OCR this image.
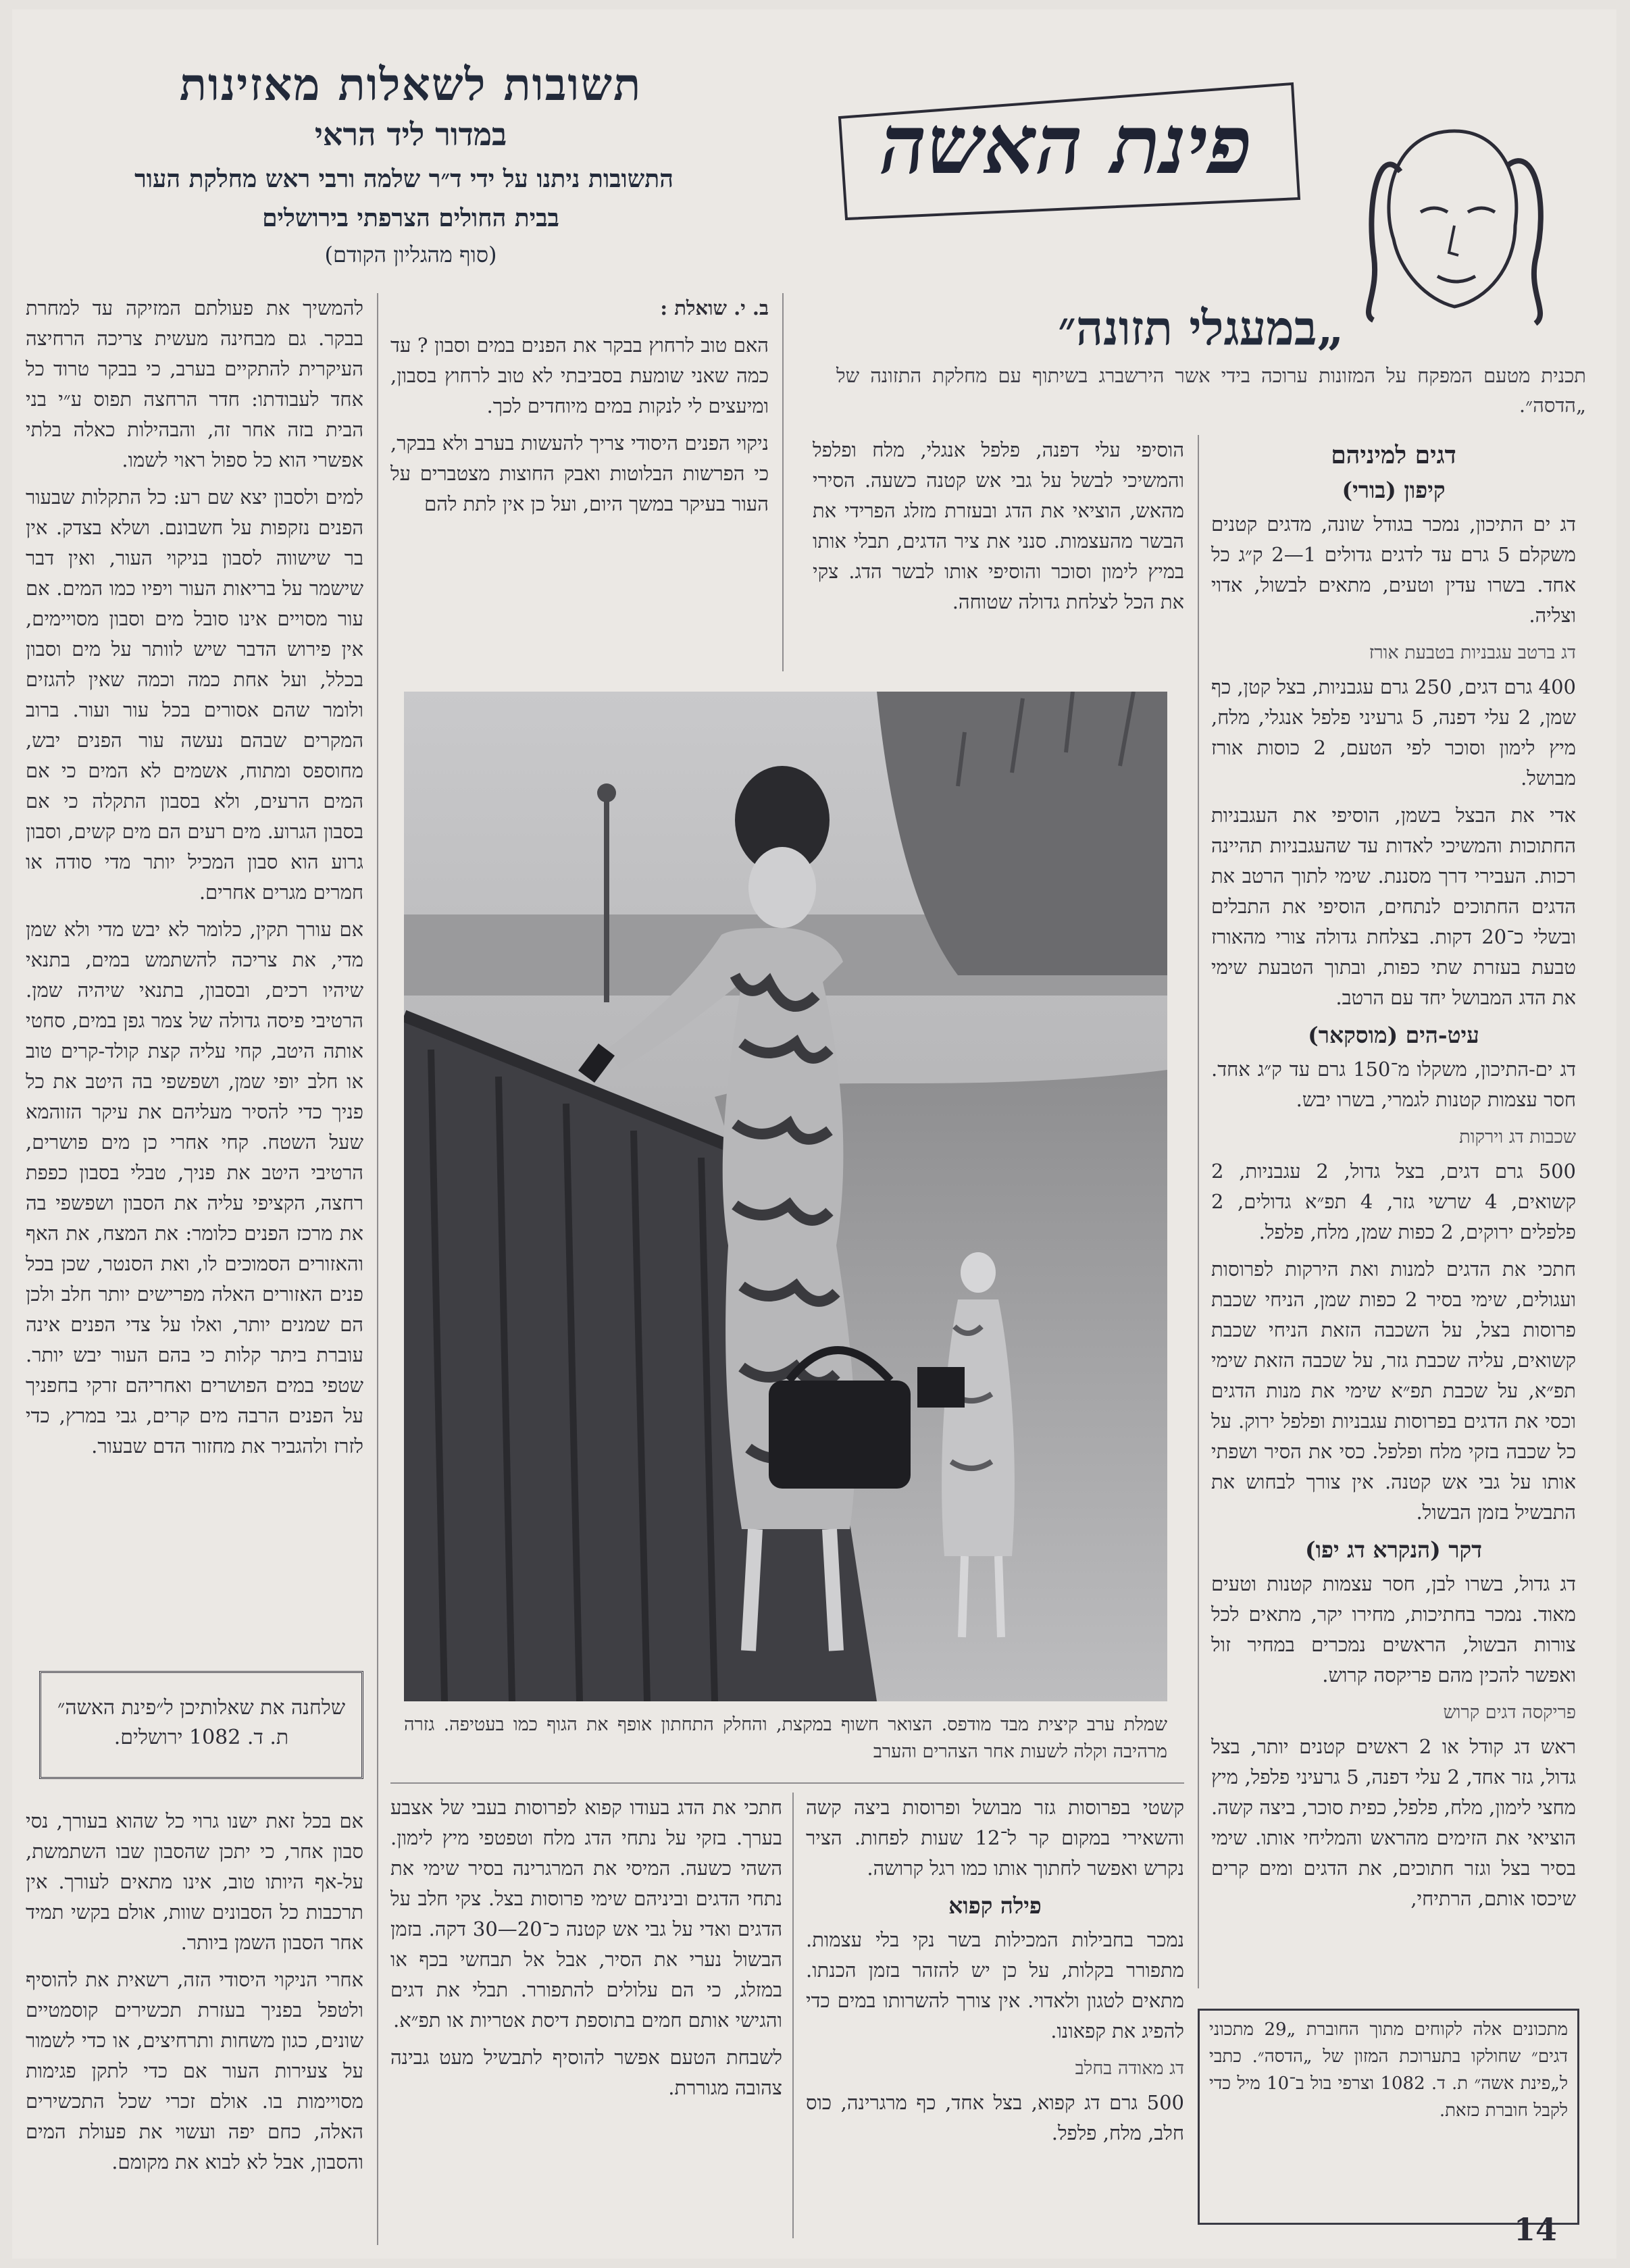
תשובות לשאלות מאזינות
במדור ליד הראי
התשובות ניתנו על ידי ד״ר שלמה ורבי ראש מחלקת העור
בבית החולים הצרפתי בירושלים
(סוף מהגליון הקודם)

להמשיך את פעולתם המזיקה עד למחרת בבקר. גם מבחינה מעשית צריכה הרחיצה העיקרית להתקיים בערב, כי בבקר טרוד כל אחד לעבודתו: חדר הרחצה תפוס ע״י בני הבית בזה אחר זה, והבהילות כאלה בלתי אפשרי הוא כל ספול ראוי לשמו.

למים ולסבון יצא שם רע: כל התקלות שבעור הפנים נזקפות על חשבונם. ושלא בצדק. אין בר שישווה לסבון בניקוי העור, ואין דבר שישמר על בריאות העור ויפיו כמו המים. אם עור מסויים אינו סובל מים וסבון מסויימים, אין פירוש הדבר שיש לוותר על מים וסבון בכלל, ועל אחת כמה וכמה שאין להגזים ולומר שהם אסורים בכל עור ועור. ברוב המקרים שבהם נעשה עור הפנים יבש, מחוספס ומתוח, אשמים לא המים כי אם המים הרעים, ולא בסבון התקלה כי אם בסבון הגרוע. מים רעים הם מים קשים, וסבון גרוע הוא סבון המכיל יותר מדי סודה או חמרים מגרים אחרים.

אם עורך תקין, כלומר לא יבש מדי ולא שמן מדי, את צריכה להשתמש במים, בתנאי שיהיו רכים, ובסבון, בתנאי שיהיה שמן. הרטיבי פיסה גדולה של צמר גפן במים, סחטי אותה היטב, קחי עליה קצת קולד-קרים טוב או חלב יופי שמן, ושפשפי בה היטב את כל פניך כדי להסיר מעליהם את עיקר הזוהמא שעל השטח. קחי אחרי כן מים פושרים, הרטיבי היטב את פניך, טבלי בסבון כפפת רחצה, הקציפי עליה את הסבון ושפשפי בה את מרכז הפנים כלומר: את המצח, את האף והאזורים הסמוכים לו, ואת הסנטר, שכן בכל פנים האזורים האלה מפרישים יותר חלב ולכן הם שמנים יותר, ואלו על צדי הפנים אינה עוברת ביתר קלות כי בהם העור יבש יותר. שטפי במים הפושרים ואחריהם זרקי בחפניך על הפנים הרבה מים קרים, גבי במרץ, כדי לזרז ולהגביר את מחזור הדם שבעור.

שלחנה את שאלותיכן ל״פינת האשה״ ת. ד. 1082 ירושלים.

אם בכל זאת ישנו גרוי כל שהוא בעורך, נסי סבון אחר, כי יתכן שהסבון שבו השתמשת, על-אף היותו טוב, אינו מתאים לעורך. אין תרכבות כל הסבונים שוות, אולם בקשי תמיד אחר הסבון השמן ביותר.

אחרי הניקוי היסודי הזה, רשאית את להוסיף ולטפל בפניך בעזרת תכשירים קוסמטיים שונים, כגון משחות ותרחיצים, או כדי לשמור על צעירות העור אם כדי לתקן פגימות מסויימות בו. אולם זכרי שכל התכשירים האלה, כחם יפה ועשוי את פעולת המים והסבון, אבל לא לבוא את מקומם.

ב. י. שואלת :

האם טוב לרחוץ בבקר את הפנים במים וסבון ? עד כמה שאני שומעת בסביבתי לא טוב לרחוץ בסבון, ומיעצים לי לנקות במים מיוחדים לכך.

ניקוי הפנים היסודי צריך להעשות בערב ולא בבקר, כי הפרשות הבלוטות ואבק החוצות מצטברים על העור בעיקר במשך היום, ועל כן אין לתת להם

פינת האשה
„במעגלי תזונה״
תכנית מטעם המפקח על המזונות ערוכה בידי אשר הירשברג בשיתוף עם מחלקת התזונה של „הדסה״.
דגים למיניהם
קיפון (בורי)

דג ים התיכון, נמכר בגודל שונה, מדגים קטנים משקלם 5 גרם עד לדגים גדולים 1—2 ק״ג כל אחד. בשרו עדין וטעים, מתאים לבשול, אדוי וצליה.

דג ברטב עגבניות בטבעת אורז

400 גרם דגים, 250 גרם עגבניות, בצל קטן, כף שמן, 2 עלי דפנה, 5 גרעיני פלפל אנגלי, מלח, מיץ לימון וסוכר לפי הטעם, 2 כוסות אורז מבושל.

אדי את הבצל בשמן, הוסיפי את העגבניות החתוכות והמשיכי לאדות עד שהעגבניות תהיינה רכות. העבירי דרך מסננת. שימי לתוך הרטב את הדגים החתוכים לנתחים, הוסיפי את התבלים ובשלי כ־20 דקות. בצלחת גדולה צורי מהאורז טבעת בעזרת שתי כפות, ובתוך הטבעת שימי את הדג המבושל יחד עם הרטב.

עיט-הים (מוסקאר)

דג ים-התיכון, משקלו מ־150 גרם עד ק״ג אחד. חסר עצמות קטנות לגמרי, בשרו יבש.

שכבות דג וירקות

500 גרם דגים, בצל גדול, 2 עגבניות, 2 קשואים, 4 שרשי גזר, 4 תפ״א גדולים, 2 פלפלים ירוקים, 2 כפות שמן, מלח, פלפל.

חתכי את הדגים למנות ואת הירקות לפרוסות ועגולים, שימי בסיר 2 כפות שמן, הניחי שכבת פרוסות בצל, על השכבה הזאת הניחי שכבת קשואים, עליה שכבת גזר, על שכבה הזאת שימי תפ״א, על שכבת תפ״א שימי את מנות הדגים וכסי את הדגים בפרוסות עגבניות ופלפל ירוק. על כל שכבה בזקי מלח ופלפל. כסי את הסיר ושפתי אותו על גבי אש קטנה. אין צורך לבחוש את התבשיל בזמן הבשול.

דקר (הנקרא דג יפו)

דג גדול, בשרו לבן, חסר עצמות קטנות וטעים מאוד. נמכר בחתיכות, מחירו יקר, מתאים לכל צורות הבשול, הראשים נמכרים במחיר זול ואפשר להכין מהם פריקסה קרוש.

פריקסה דגים קרוש

ראש דג קודל או 2 ראשים קטנים יותר, בצל גדול, גזר אחד, 2 עלי דפנה, 5 גרעיני פלפל, מיץ מחצי לימון, מלח, פלפל, כפית סוכר, ביצה קשה. הוציאי את הזימים מהראש והמליחי אותו. שימי בסיר בצל וגזר חתוכים, את הדגים ומים קרים שיכסו אותם, הרתיחי,

מתכונים אלה לקוחים מתוך החוברת „29 מתכוני דגים״ שחולקו בתערוכת המזון של „הדסה״. כתבי ל„פינת אשה״ ת. ד. 1082 וצרפי בול ב־10 מיל כדי לקבל חוברת כזאת.

הוסיפי עלי דפנה, פלפל אנגלי, מלח ופלפל והמשיכי לבשל על גבי אש קטנה כשעה. הסירי מהאש, הוציאי את הדג ובעזרת מזלג הפרידי את הבשר מהעצמות. סנני את ציר הדגים, תבלי אותו במיץ לימון וסוכר והוסיפי אותו לבשר הדג. צקי את הכל לצלחת גדולה שטוחה.

שמלת ערב קיצית מבד מודפס. הצואר חשוף במקצת, והחלק התחתון אופף את הגוף כמו בעטיפה. גזרה מרהיבה וקלה לשעות אחר הצהרים והערב

קשטי בפרוסות גזר מבושל ופרוסות ביצה קשה והשאירי במקום קר ל־12 שעות לפחות. הציר נקרש ואפשר לחתוך אותו כמו רגל קרושה.

פילה קפוא

נמכר בחבילות המכילות בשר נקי בלי עצמות. מתפורר בקלות, על כן יש להזהר בזמן הכנתו. מתאים לטגון ולאדוי. אין צורך להשרותו במים כדי להפיג את קפאונו.

דג מאודה בחלב

500 גרם דג קפוא, בצל אחד, כף מרגרינה, כוס חלב, מלח, פלפל.

חתכי את הדג בעודו קפוא לפרוסות בעבי של אצבע בערך. בזקי על נתחי הדג מלח וטפטפי מיץ לימון. השהי כשעה. המיסי את המרגרינה בסיר שימי את נתחי הדגים וביניהם שימי פרוסות בצל. צקי חלב על הדגים ואדי על גבי אש קטנה כ־20—30 דקה. בזמן הבשול נערי את הסיר, אבל אל תבחשי בכף או במזלג, כי הם עלולים להתפורר. תבלי את דגים והגישי אותם חמים בתוספת דיסת אטריות או תפ״א.

לשבחת הטעם אפשר להוסיף לתבשיל מעט גבינה צהובה מגוררת.

14
